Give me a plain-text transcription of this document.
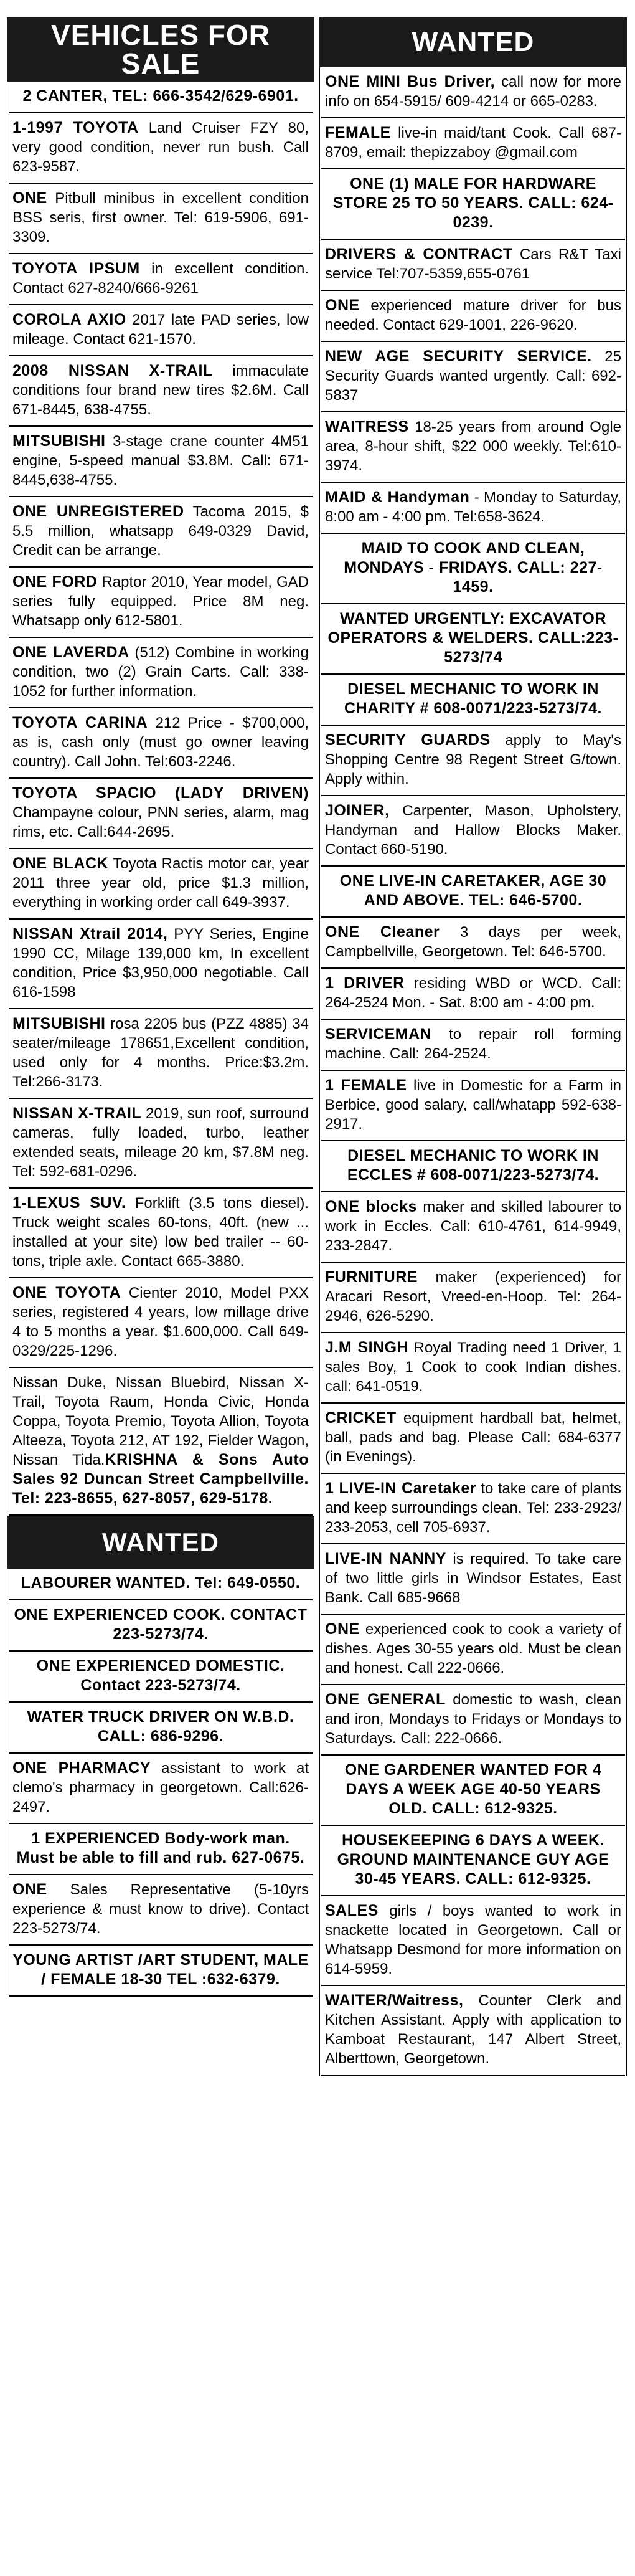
VEHICLES FOR SALE
2 CANTER, TEL: 666-3542/629-6901.
1-1997 TOYOTA Land Cruiser FZY 80, very good condition, never run bush. Call 623-9587.
ONE Pitbull minibus in excellent condition BSS seris, first owner. Tel: 619-5906, 691-3309.
TOYOTA IPSUM in excellent condition. Contact 627-8240/666-9261
COROLA AXIO 2017 late PAD series, low mileage. Contact 621-1570.
2008 NISSAN X-TRAIL immaculate conditions four brand new tires $2.6M. Call 671-8445, 638-4755.
MITSUBISHI 3-stage crane counter 4M51 engine, 5-speed manual $3.8M. Call: 671-8445,638-4755.
ONE UNREGISTERED Tacoma 2015, $ 5.5 million, whatsapp 649-0329 David, Credit can be arrange.
ONE FORD Raptor 2010, Year model, GAD series fully equipped. Price 8M neg. Whatsapp only 612-5801.
ONE LAVERDA (512) Combine in working condition, two (2) Grain Carts. Call: 338-1052 for further information.
TOYOTA CARINA 212 Price - $700,000, as is, cash only (must go owner leaving country). Call John. Tel:603-2246.
TOYOTA SPACIO (LADY DRIVEN) Champayne colour, PNN series, alarm, mag rims, etc. Call:644-2695.
ONE BLACK Toyota Ractis motor car, year 2011 three year old, price $1.3 million, everything in working order call 649-3937.
NISSAN Xtrail 2014, PYY Series, Engine 1990 CC, Milage 139,000 km, In excellent condition, Price $3,950,000 negotiable. Call 616-1598
MITSUBISHI rosa 2205 bus (PZZ 4885) 34 seater/mileage 178651,Excellent condition, used only for 4 months. Price:$3.2m. Tel:266-3173.
NISSAN X-TRAIL 2019, sun roof, surround cameras, fully loaded, turbo, leather extended seats, mileage 20 km, $7.8M neg. Tel: 592-681-0296.
1-LEXUS SUV. Forklift (3.5 tons diesel). Truck weight scales 60-tons, 40ft. (new ... installed at your site) low bed trailer -- 60-tons, triple axle. Contact 665-3880.
ONE TOYOTA Cienter 2010, Model PXX series, registered 4 years, low millage drive 4 to 5 months a year. $1.600,000. Call 649-0329/225-1296.
Nissan Duke, Nissan Bluebird, Nissan X-Trail, Toyota Raum, Honda Civic, Honda Coppa, Toyota Premio, Toyota Allion, Toyota Alteeza, Toyota 212, AT 192, Fielder Wagon, Nissan Tida.KRISHNA & Sons Auto Sales 92 Duncan Street Campbellville. Tel: 223-8655, 627-8057, 629-5178.
WANTED
LABOURER WANTED. Tel: 649-0550.
ONE EXPERIENCED COOK. CONTACT 223-5273/74.
ONE EXPERIENCED DOMESTIC. Contact 223-5273/74.
WATER TRUCK DRIVER ON W.B.D. CALL: 686-9296.
ONE PHARMACY assistant to work at clemo's pharmacy in georgetown. Call:626-2497.
1 EXPERIENCED Body-work man. Must be able to fill and rub. 627-0675.
ONE Sales Representative (5-10yrs experience & must know to drive). Contact 223-5273/74.
YOUNG ARTIST /ART STUDENT, MALE / FEMALE 18-30 TEL :632-6379.
WANTED
ONE MINI Bus Driver, call now for more info on 654-5915/ 609-4214 or 665-0283.
FEMALE live-in maid/tant Cook. Call 687-8709, email: thepizzaboy @gmail.com
ONE (1) MALE FOR HARDWARE STORE 25 TO 50 YEARS. CALL: 624-0239.
DRIVERS & CONTRACT Cars R&T Taxi service Tel:707-5359,655-0761
ONE experienced mature driver for bus needed. Contact 629-1001, 226-9620.
NEW AGE SECURITY SERVICE. 25 Security Guards wanted urgently. Call: 692-5837
WAITRESS 18-25 years from around Ogle area, 8-hour shift, $22 000 weekly. Tel:610-3974.
MAID & Handyman - Monday to Saturday, 8:00 am - 4:00 pm. Tel:658-3624.
MAID TO COOK AND CLEAN, MONDAYS - FRIDAYS. CALL: 227-1459.
WANTED URGENTLY: EXCAVATOR OPERATORS & WELDERS. CALL:223-5273/74
DIESEL MECHANIC TO WORK IN CHARITY # 608-0071/223-5273/74.
SECURITY GUARDS apply to May's Shopping Centre 98 Regent Street G/town. Apply within.
JOINER, Carpenter, Mason, Upholstery, Handyman and Hallow Blocks Maker. Contact 660-5190.
ONE LIVE-IN CARETAKER, AGE 30 AND ABOVE. TEL: 646-5700.
ONE Cleaner 3 days per week, Campbellville, Georgetown. Tel: 646-5700.
1 DRIVER residing WBD or WCD. Call: 264-2524 Mon. - Sat. 8:00 am - 4:00 pm.
SERVICEMAN to repair roll forming machine. Call: 264-2524.
1 FEMALE live in Domestic for a Farm in Berbice, good salary, call/whatapp 592-638-2917.
DIESEL MECHANIC TO WORK IN ECCLES # 608-0071/223-5273/74.
ONE blocks maker and skilled labourer to work in Eccles. Call: 610-4761, 614-9949, 233-2847.
FURNITURE maker (experienced) for Aracari Resort, Vreed-en-Hoop. Tel: 264-2946, 626-5290.
J.M SINGH Royal Trading need 1 Driver, 1 sales Boy, 1 Cook to cook Indian dishes. call: 641-0519.
CRICKET equipment hardball bat, helmet, ball, pads and bag. Please Call: 684-6377 (in Evenings).
1 LIVE-IN Caretaker to take care of plants and keep surroundings clean. Tel: 233-2923/ 233-2053, cell 705-6937.
LIVE-IN NANNY is required. To take care of two little girls in Windsor Estates, East Bank. Call 685-9668
ONE experienced cook to cook a variety of dishes. Ages 30-55 years old. Must be clean and honest. Call 222-0666.
ONE GENERAL domestic to wash, clean and iron, Mondays to Fridays or Mondays to Saturdays. Call: 222-0666.
ONE GARDENER WANTED FOR 4 DAYS A WEEK AGE 40-50 YEARS OLD. CALL: 612-9325.
HOUSEKEEPING 6 DAYS A WEEK. GROUND MAINTENANCE GUY AGE 30-45 YEARS. CALL: 612-9325.
SALES girls / boys wanted to work in snackette located in Georgetown. Call or Whatsapp Desmond for more information on 614-5959.
WAITER/Waitress, Counter Clerk and Kitchen Assistant. Apply with application to Kamboat Restaurant, 147 Albert Street, Alberttown, Georgetown.
